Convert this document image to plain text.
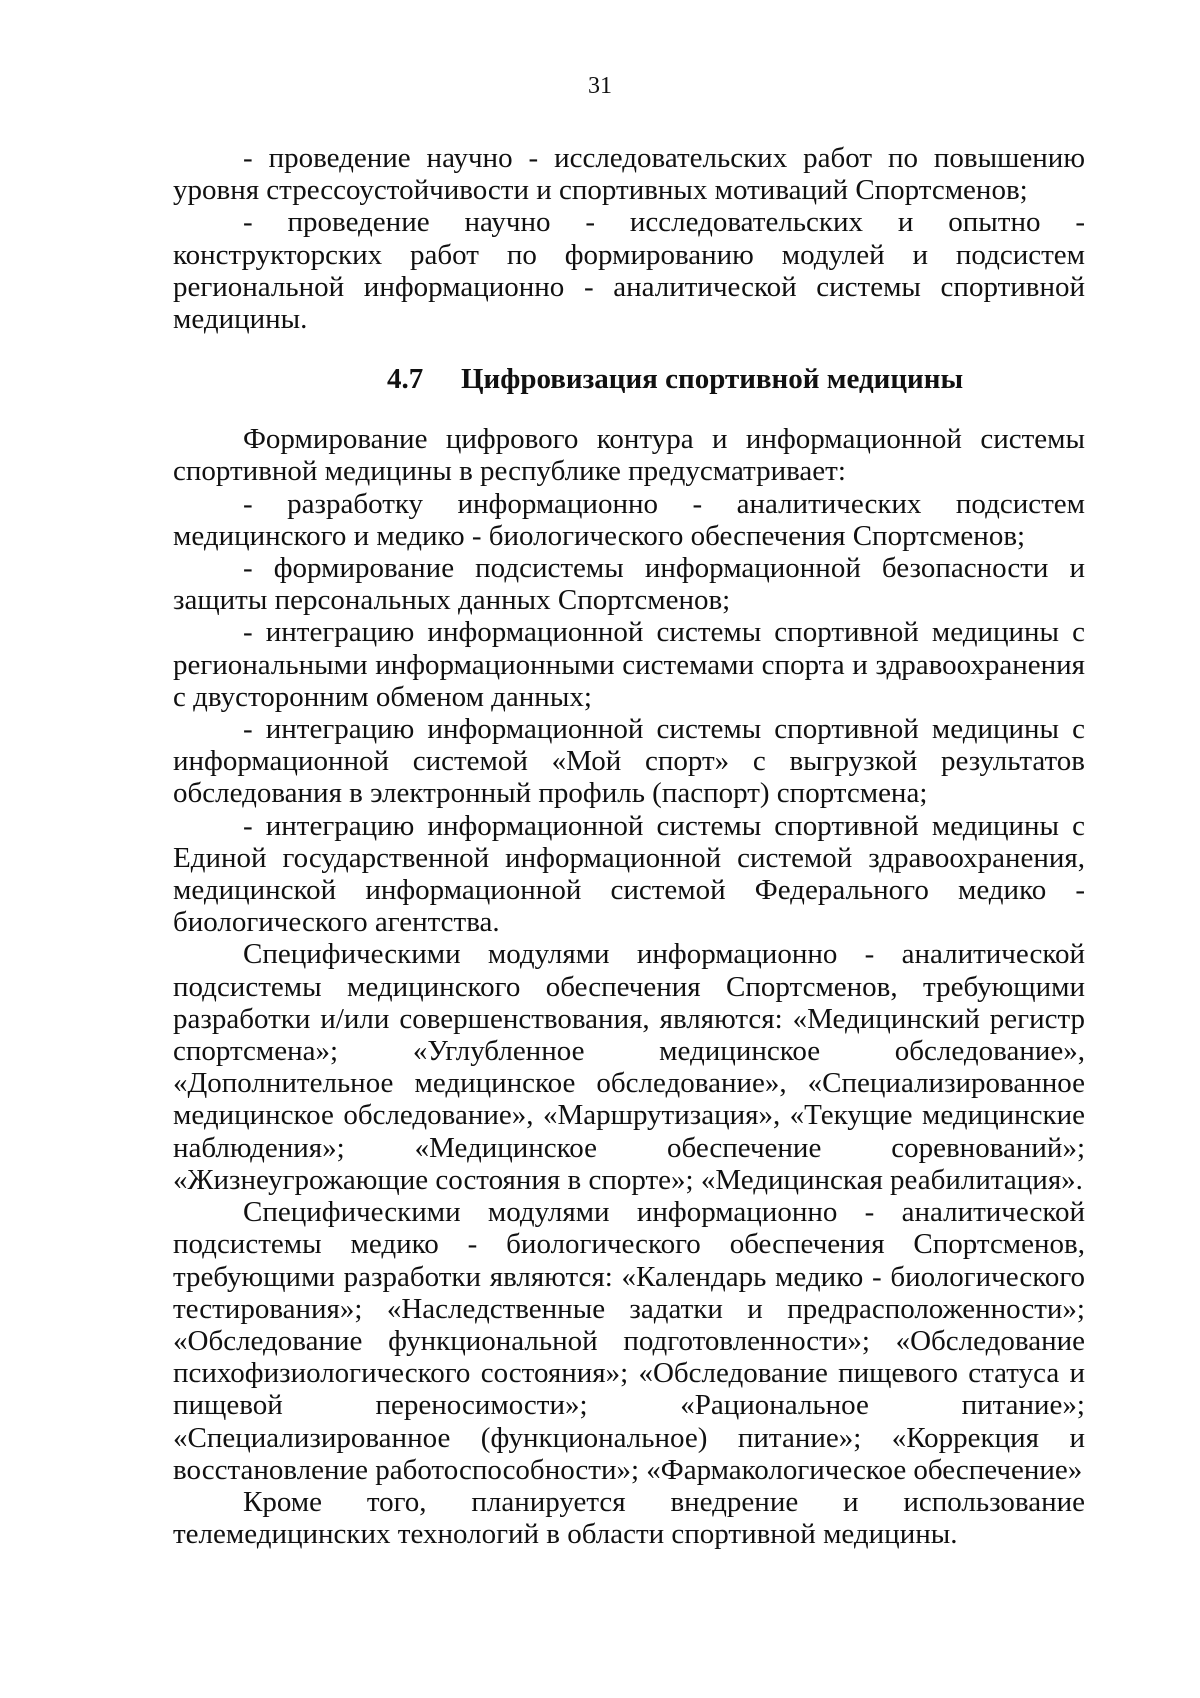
31

- проведение научно - исследовательских работ по повышению уровня стрессоустойчивости и спортивных мотиваций Спортсменов;

- проведение научно - исследовательских и опытно - конструкторских работ по формированию модулей и подсистем региональной информационно - аналитической системы спортивной медицины.

4.7 Цифровизация спортивной медицины

Формирование цифрового контура и информационной системы спортивной медицины в республике предусматривает:

- разработку информационно - аналитических подсистем медицинского и медико - биологического обеспечения Спортсменов;

- формирование подсистемы информационной безопасности и защиты персональных данных Спортсменов;

- интеграцию информационной системы спортивной медицины с региональными информационными системами спорта и здравоохранения с двусторонним обменом данных;

- интеграцию информационной системы спортивной медицины с информационной системой «Мой спорт» с выгрузкой результатов обследования в электронный профиль (паспорт) спортсмена;

- интеграцию информационной системы спортивной медицины с Единой государственной информационной системой здравоохранения, медицинской информационной системой Федерального медико - биологического агентства.

Специфическими модулями информационно - аналитической подсистемы медицинского обеспечения Спортсменов, требующими разработки и/или совершенствования, являются: «Медицинский регистр спортсмена»; «Углубленное медицинское обследование», «Дополнительное медицинское обследование», «Специализированное медицинское обследование», «Маршрутизация», «Текущие медицинские наблюдения»; «Медицинское обеспечение соревнований»; «Жизнеугрожающие состояния в спорте»; «Медицинская реабилитация».

Специфическими модулями информационно - аналитической подсистемы медико - биологического обеспечения Спортсменов, требующими разработки являются: «Календарь медико - биологического тестирования»; «Наследственные задатки и предрасположенности»; «Обследование функциональной подготовленности»; «Обследование психофизиологического состояния»; «Обследование пищевого статуса и пищевой переносимости»; «Рациональное питание»; «Специализированное (функциональное) питание»; «Коррекция и восстановление работоспособности»; «Фармакологическое обеспечение»

Кроме того, планируется внедрение и использование телемедицинских технологий в области спортивной медицины.
